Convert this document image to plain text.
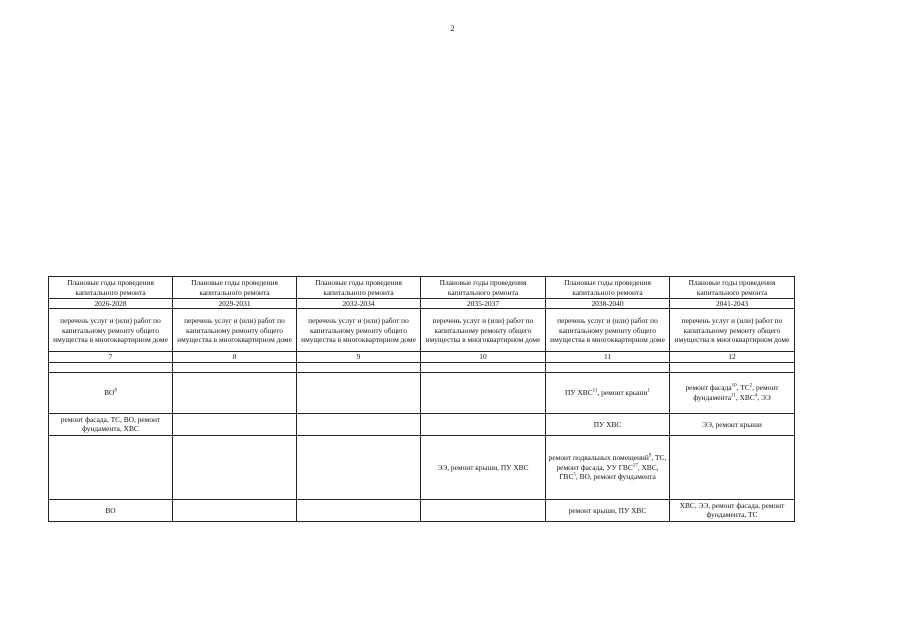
2
Плановые годы проведения капитального ремонта	Плановые годы проведения капитального ремонта	Плановые годы проведения капитального ремонта	Плановые годы проведения капитального ремонта	Плановые годы проведения капитального ремонта	Плановые годы проведения капитального ремонта
2026-2028	2029-2031	2032-2034	2035-2037	2038-2040	2041-2043
перечень услуг и (или) работ по капитальному ремонту общего имущества в многоквартирном доме	перечень услуг и (или) работ по капитальному ремонту общего имущества в многоквартирном доме	перечень услуг и (или) работ по капитальному ремонту общего имущества в многоквартирном доме	перечень услуг и (или) работ по капитальному ремонту общего имущества в многоквартирном доме	перечень услуг и (или) работ по капитальному ремонту общего имущества в многоквартирном доме	перечень услуг и (или) работ по капитальному ремонту общего имущества в многоквартирном доме
7	8	9	10	11	12

$ВО^8$				ПУ ХВС$^{11}$, ремонт крыши$^1$	ремонт фасада$^{10}$, $ТС^2$, ремонт фундамента$^{11}$, ХВС$^4$, ЭЭ
ремонт фасада, ТС, ВО, ремонт фундамента, ХВС				ПУ ХВС	ЭЭ, ремонт крыши
			ЭЭ, ремонт крыши, ПУ ХВС	ремонт подвальных помещений$^9$, ТС, ремонт фасада, УУ ГВС$^{17}$, ХВС, ГВС$^5$, ВО, ремонт фундамента	
ВО				ремонт крыши, ПУ ХВС	ХВС, ЭЭ, ремонт фасада, ремонт фундамента, ТС
